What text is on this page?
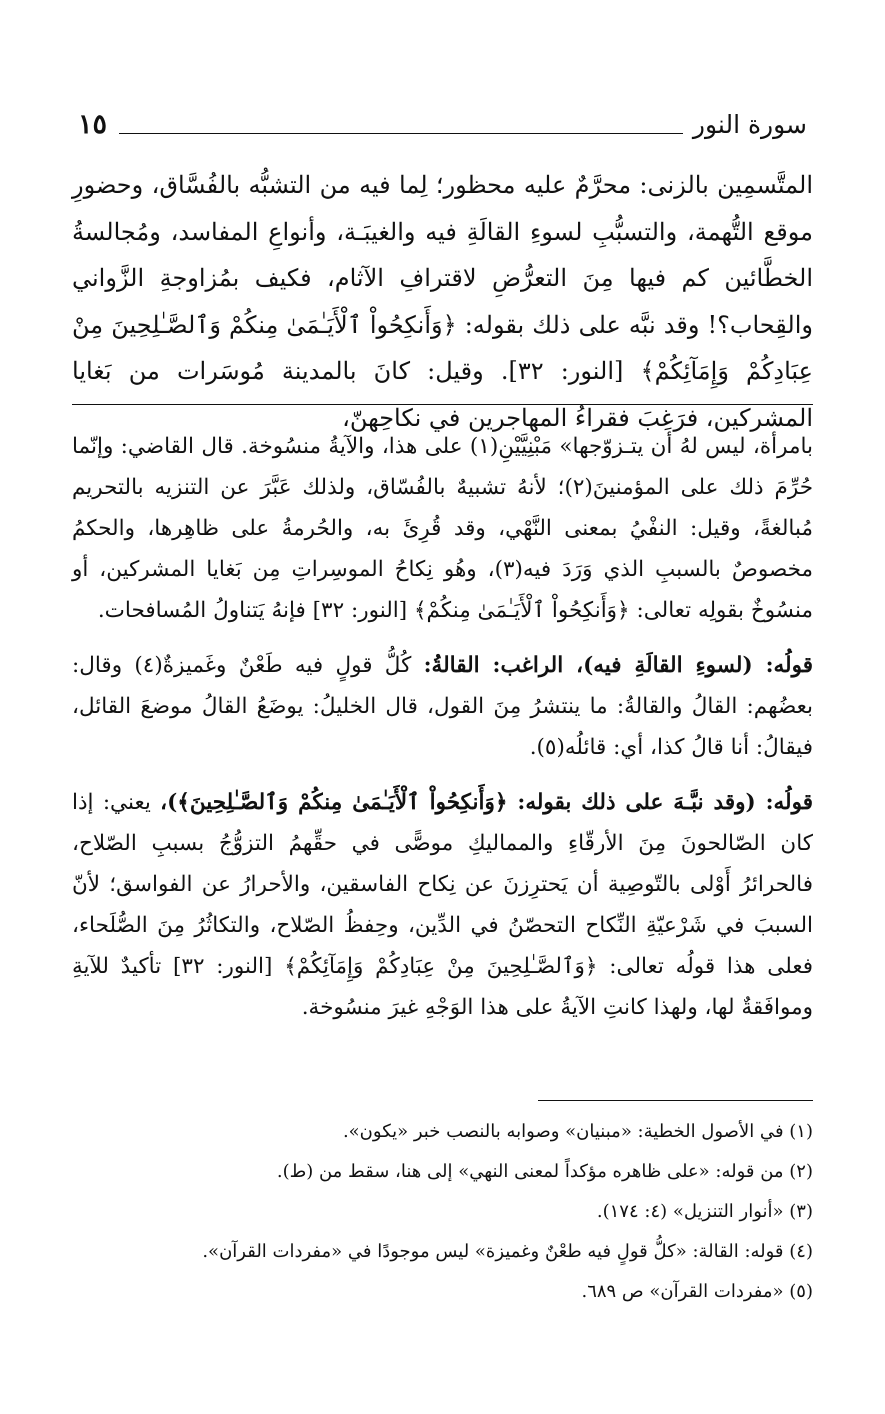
سورة النور
١٥

المتَّسمِين بالزنى: محرَّمٌ عليه محظور؛ لِما فيه من التشبُّه بالفُسَّاق، وحضورِ موقع التُّهمة، والتسبُّبِ لسوءِ القالَةِ فيه والغيبَـة، وأنواعِ المفاسد، ومُجالسةُ الخطَّائين كم فيها مِنَ التعرُّضِ لاقترافِ الآثام، فكيف بمُزاوجةِ الزَّواني والقِحاب؟! وقد نبَّه على ذلك بقوله: ﴿وَأَنكِحُواْ ٱلْأَيَـٰمَىٰ مِنكُمْ وَٱلصَّـٰلِحِينَ مِنْ عِبَادِكُمْ وَإِمَآئِكُمْ﴾ [النور: ٣٢]. وقيل: كانَ بالمدينة مُوسَرات من بَغايا المشركين، فرَغِبَ فقراءُ المهاجرين في نكاحِهنّ،

بامرأة، ليس لهُ أن يتـزوّجها» مَبْنِيَّيْنِ(١) على هذا، والآيةُ منسُوخة. قال القاضي: وإنّما حُرِّمَ ذلك على المؤمنينَ(٢)؛ لأنهُ تشبيهٌ بالفُسّاق، ولذلك عَبَّرَ عن التنزيه بالتحريم مُبالغةً، وقيل: النفْيُ بمعنى النَّهْي، وقد قُرِئَ به، والحُرمةُ على ظاهِرها، والحكمُ مخصوصٌ بالسببِ الذي وَرَدَ فيه(٣)، وهُو نِكاحُ الموسِراتِ مِن بَغايا المشركين، أو منسُوخٌ بقولِه تعالى: ﴿وَأَنكِحُواْ ٱلْأَيَـٰمَىٰ مِنكُمْ﴾ [النور: ٣٢] فإنهُ يَتناولُ المُسافحات.

قولُه: (لسوءِ القالَةِ فيه)، الراغب: القالةُ: كُلُّ قولٍ فيه طَعْنٌ وغَميزةٌ(٤) وقال: بعضُهم: القالُ والقالةُ: ما ينتشرُ مِنَ القول، قال الخليلُ: يوضَعُ القالُ موضعَ القائل، فيقالُ: أنا قالُ كذا، أي: قائلُه(٥).

قولُه: (وقد نبَّـهَ على ذلك بقوله: ﴿وَأَنكِحُواْ ٱلْأَيَـٰمَىٰ مِنكُمْ وَٱلصَّـٰلِحِينَ﴾)، يعني: إذا كان الصّالحونَ مِنَ الأرقّاءِ والمماليكِ موصًّى في حقِّهمُ التزوُّجُ بسببِ الصّلاح، فالحرائرُ أَوْلى بالتّوصِية أن يَحترِزنَ عن نِكاح الفاسقين، والأحرارُ عن الفواسق؛ لأنّ السببَ في شَرْعيّةِ النِّكاح التحصّنُ في الدِّين، وحِفظُ الصّلاح، والتكاثُرُ مِنَ الصُّلَحاء، فعلى هذا قولُه تعالى: ﴿وَٱلصَّـٰلِحِينَ مِنْ عِبَادِكُمْ وَإِمَآئِكُمْ﴾ [النور: ٣٢] تأكيدٌ للآيةِ وموافَقةٌ لها، ولهذا كانتِ الآيةُ على هذا الوَجْهِ غيرَ منسُوخة.

(١) في الأصول الخطية: «مبنيان» وصوابه بالنصب خبر «يكون».
(٢) من قوله: «على ظاهره مؤكداً لمعنى النهي» إلى هنا، سقط من (ط).
(٣) «أنوار التنزيل» (٤: ١٧٤).
(٤) قوله: القالة: «كلُّ قولٍ فيه طعْنٌ وغميزة» ليس موجودًا في «مفردات القرآن».
(٥) «مفردات القرآن» ص ٦٨٩.
